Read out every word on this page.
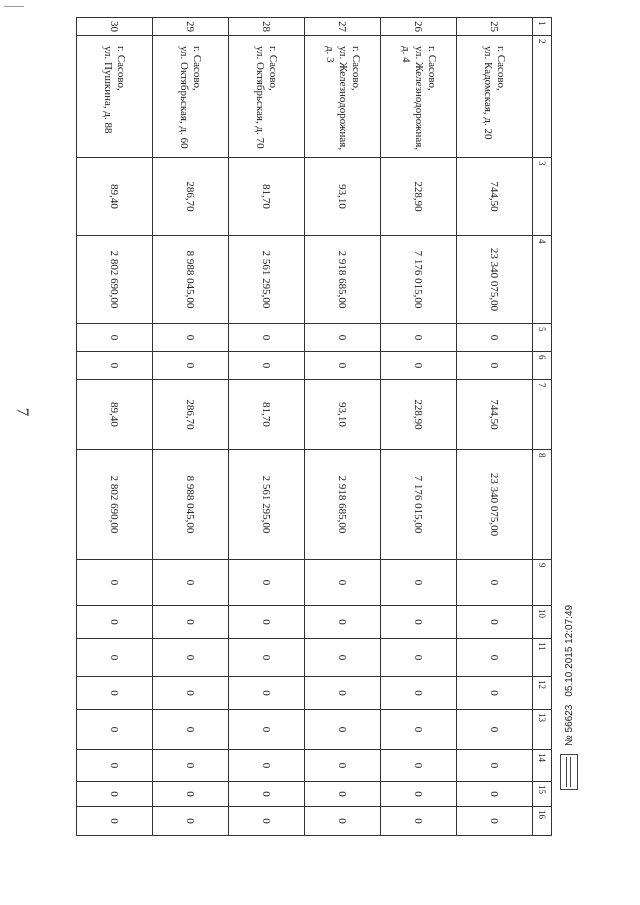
7
1	2	3	4	5	6	7	8	9	10	11	12	13	14	15	16
25	г. Сасово,
ул. Кадомская, д. 20	744,50	23 340 075,00	0	0	744,50	23 340 075,00	0	0	0	0	0	0	0	0
26	г. Сасово,
ул. Железнодорожная, д. 4	228,90	7 176 015,00	0	0	228,90	7 176 015,00	0	0	0	0	0	0	0	0
27	г. Сасово,
ул. Железнодорожная, д. 3	93,10	2 918 685,00	0	0	93,10	2 918 685,00	0	0	0	0	0	0	0	0
28	г. Сасово,
ул. Октябрьская, д. 70	81,70	2 561 295,00	0	0	81,70	2 561 295,00	0	0	0	0	0	0	0	0
29	г. Сасово,
ул. Октябрьская, д. 60	286,70	8 988 045,00	0	0	286,70	8 988 045,00	0	0	0	0	0	0	0	0
30	г. Сасово,
ул. Пушкина, д. 88	89,40	2 802 690,00	0	0	89,40	2 802 690,00	0	0	0	0	0	0	0	0
№ 56623
05.10.2015 12:07:49
